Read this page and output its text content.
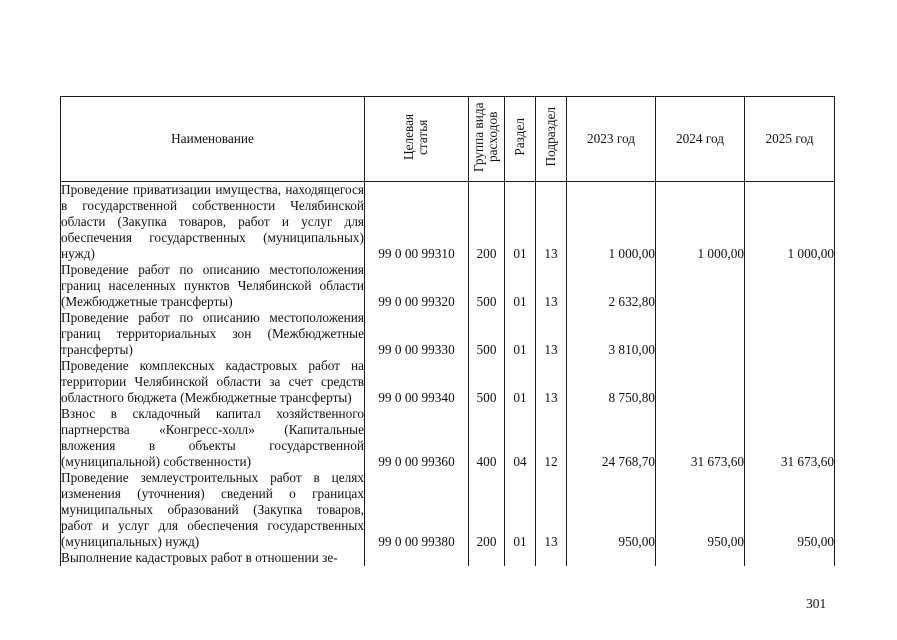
Наименование	Целевая статья	Группа вида расходов	Раздел	Подраздел	2023 год	2024 год	2025 год
Проведение приватизации имущества, находящегося в государственной собственности Челябинской области (Закупка товаров, работ и услуг для обеспечения государственных (муниципальных) нужд)	99 0 00 99310	200	01	13	1 000,00	1 000,00	1 000,00
Проведение работ по описанию местоположения границ населенных пунктов Челябинской области (Межбюджетные трансферты)	99 0 00 99320	500	01	13	2 632,80		
Проведение работ по описанию местоположения границ территориальных зон (Межбюджетные трансферты)	99 0 00 99330	500	01	13	3 810,00		
Проведение комплексных кадастровых работ на территории Челябинской области за счет средств областного бюджета (Межбюджетные трансферты)	99 0 00 99340	500	01	13	8 750,80		
Взнос в складочный капитал хозяйственного партнерства «Конгресс-холл» (Капитальные вложения в объекты государственной (муниципальной) собственности)	99 0 00 99360	400	04	12	24 768,70	31 673,60	31 673,60
Проведение землеустроительных работ в целях изменения (уточнения) сведений о границах муниципальных образований (Закупка товаров, работ и услуг для обеспечения государственных (муниципальных) нужд)	99 0 00 99380	200	01	13	950,00	950,00	950,00
Выполнение кадастровых работ в отношении зе-							
301
